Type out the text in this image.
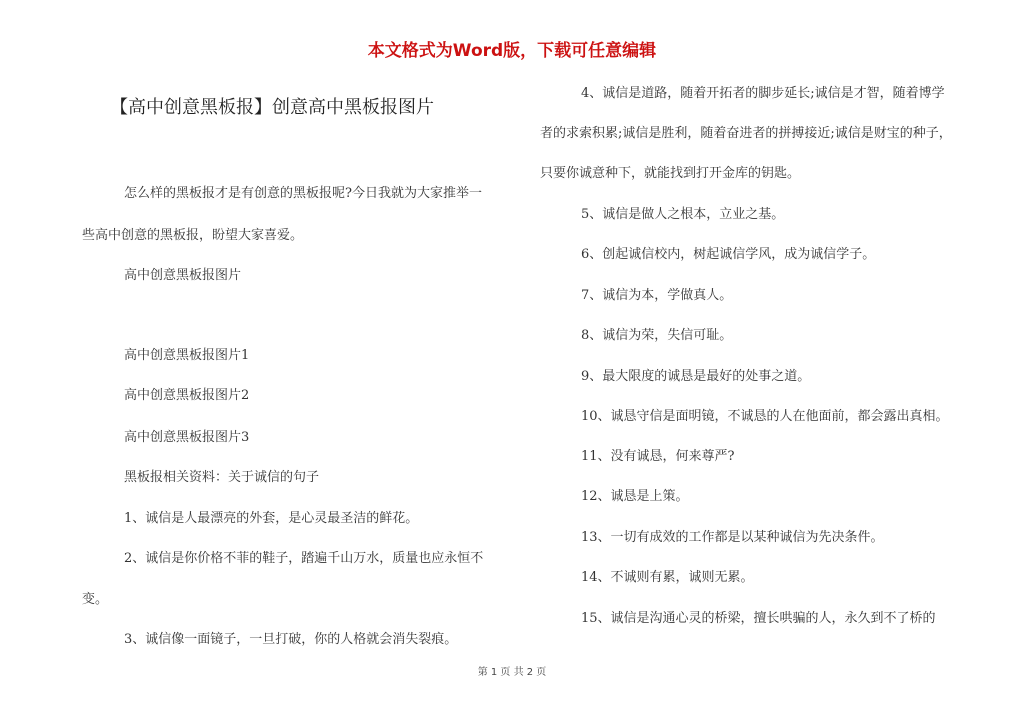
本文格式为Word版，下载可任意编辑
【高中创意黑板报】创意高中黑板报图片
怎么样的黑板报才是有创意的黑板报呢?今日我就为大家推举一
些高中创意的黑板报，盼望大家喜爱。
高中创意黑板报图片
高中创意黑板报图片1
高中创意黑板报图片2
高中创意黑板报图片3
黑板报相关资料：关于诚信的句子
1、诚信是人最漂亮的外套，是心灵最圣洁的鲜花。
2、诚信是你价格不菲的鞋子，踏遍千山万水，质量也应永恒不
变。
3、诚信像一面镜子，一旦打破，你的人格就会消失裂痕。
4、诚信是道路，随着开拓者的脚步延长;诚信是才智，随着博学
者的求索积累;诚信是胜利，随着奋进者的拼搏接近;诚信是财宝的种子，
只要你诚意种下，就能找到打开金库的钥匙。
5、诚信是做人之根本，立业之基。
6、创起诚信校内，树起诚信学风，成为诚信学子。
7、诚信为本，学做真人。
8、诚信为荣，失信可耻。
9、最大限度的诚恳是最好的处事之道。
10、诚恳守信是面明镜，不诚恳的人在他面前，都会露出真相。
11、没有诚恳，何来尊严?
12、诚恳是上策。
13、一切有成效的工作都是以某种诚信为先决条件。
14、不诚则有累，诚则无累。
15、诚信是沟通心灵的桥梁，擅长哄骗的人，永久到不了桥的
第 1 页 共 2 页
